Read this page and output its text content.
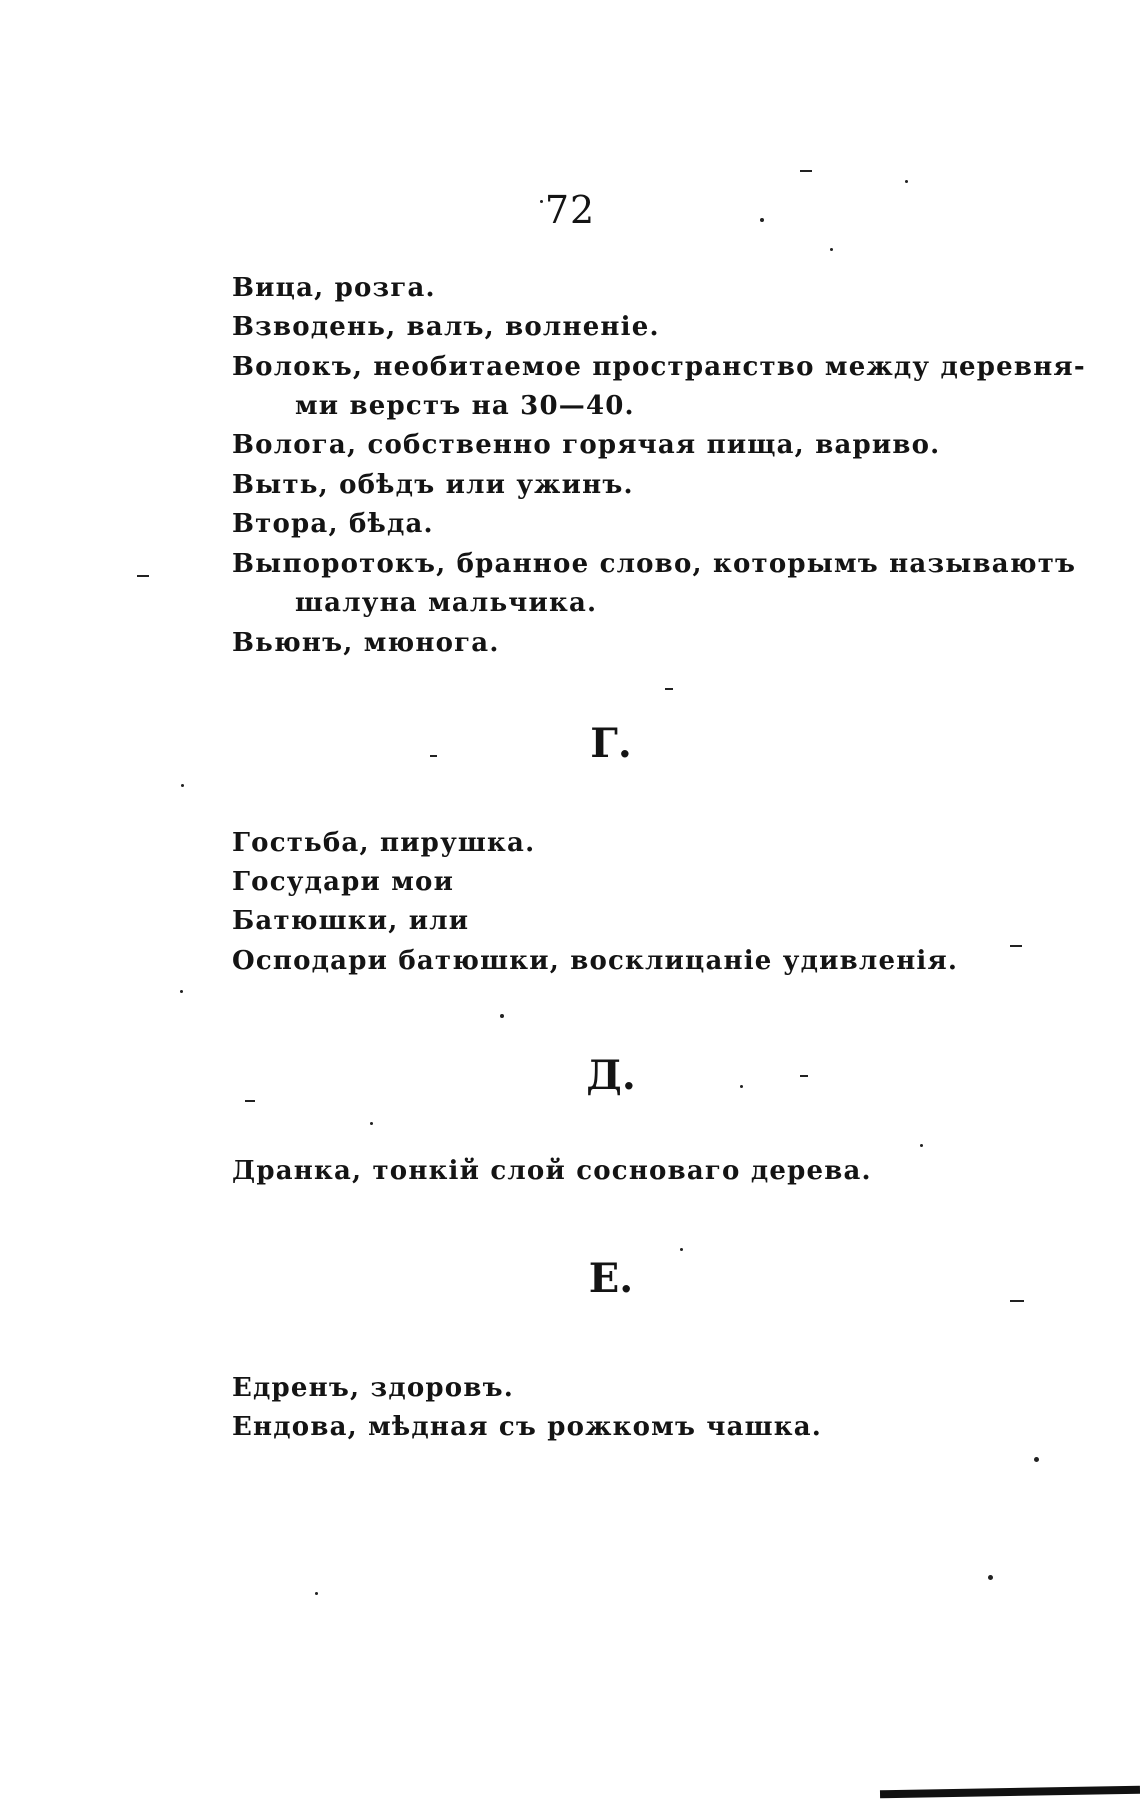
72
Вица, розга.
Взводень, валъ, волненіе.
Волокъ, необитаемое пространство между деревня-
ми верстъ на 30—40.
Вологa, собственно горячая пища, вариво.
Выть, обѣдъ или ужинъ.
Втора, бѣда.
Выпоротокъ, бранное слово, которымъ называютъ
шалуна мальчика.
Вьюнъ, мюнога.
Г.
Гостьба, пирушка.
Государи мои
Батюшки, или
Осподари батюшки, восклицаніе удивленія.
Д.
Дранка, тонкій слой сосноваго дерева.
Е.
Едренъ, здоровъ.
Ендова, мѣдная съ рожкомъ чашка.
